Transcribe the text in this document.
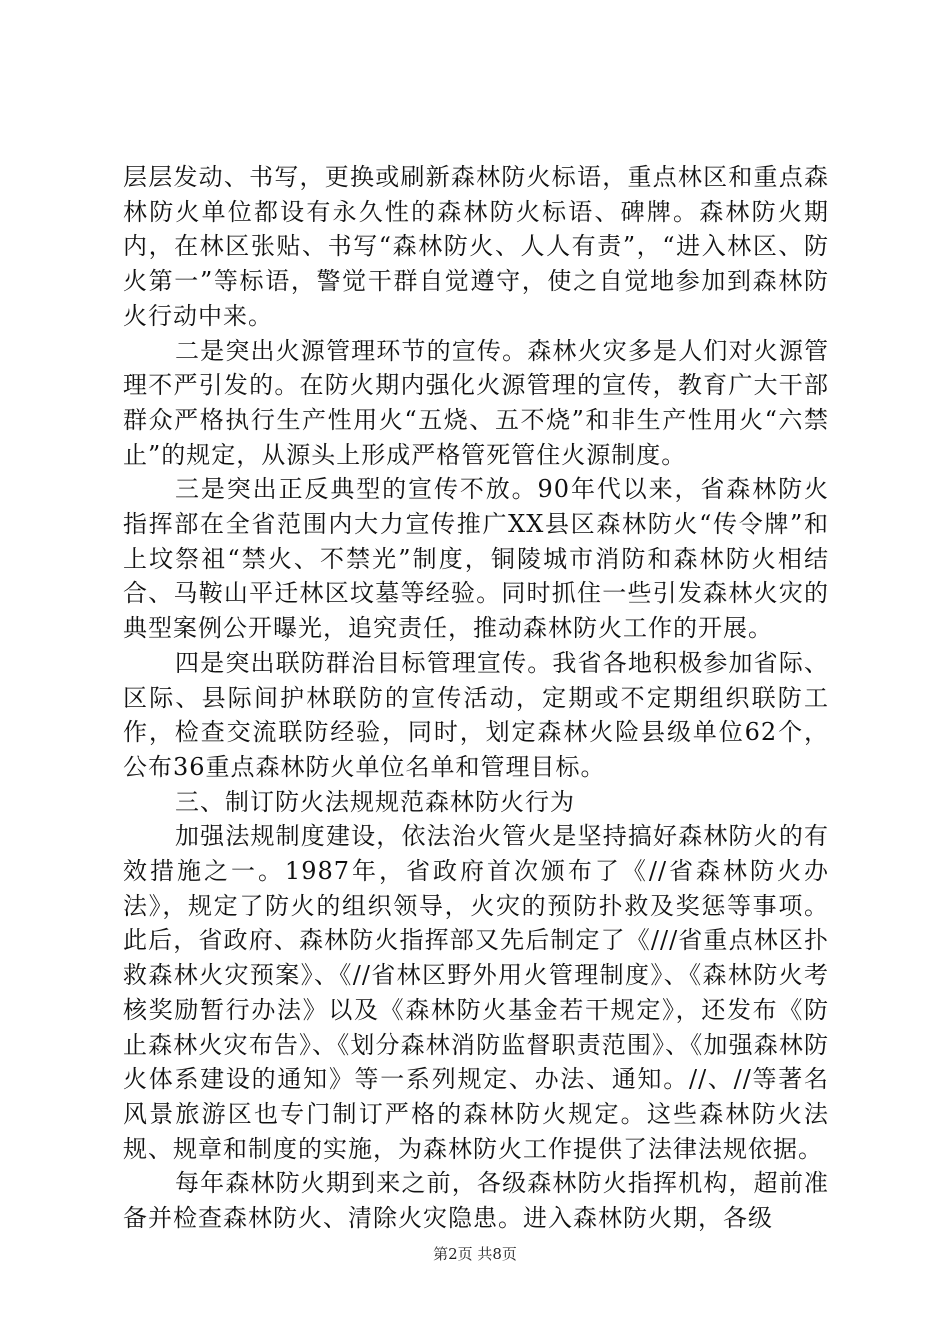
层层发动、书写，更换或刷新森林防火标语，重点林区和重点森林防火单位都设有永久性的森林防火标语、碑牌。森林防火期内，在林区张贴、书写“森林防火、人人有责”，“进入林区、防火第一”等标语，警觉干群自觉遵守，使之自觉地参加到森林防火行动中来。

二是突出火源管理环节的宣传。森林火灾多是人们对火源管理不严引发的。在防火期内强化火源管理的宣传，教育广大干部群众严格执行生产性用火“五烧、五不烧”和非生产性用火“六禁止”的规定，从源头上形成严格管死管住火源制度。

三是突出正反典型的宣传不放。90年代以来，省森林防火指挥部在全省范围内大力宣传推广XX县区森林防火“传令牌”和上坟祭祖“禁火、不禁光”制度，铜陵城市消防和森林防火相结合、马鞍山平迁林区坟墓等经验。同时抓住一些引发森林火灾的典型案例公开曝光，追究责任，推动森林防火工作的开展。

四是突出联防群治目标管理宣传。我省各地积极参加省际、区际、县际间护林联防的宣传活动，定期或不定期组织联防工作，检查交流联防经验，同时，划定森林火险县级单位62个，公布36重点森林防火单位名单和管理目标。

三、制订防火法规规范森林防火行为

加强法规制度建设，依法治火管火是坚持搞好森林防火的有效措施之一。1987年，省政府首次颁布了《//省森林防火办法》，规定了防火的组织领导，火灾的预防扑救及奖惩等事项。此后，省政府、森林防火指挥部又先后制定了《///省重点林区扑救森林火灾预案》、《//省林区野外用火管理制度》、《森林防火考核奖励暂行办法》以及《森林防火基金若干规定》，还发布《防止森林火灾布告》、《划分森林消防监督职责范围》、《加强森林防火体系建设的通知》等一系列规定、办法、通知。//、//等著名风景旅游区也专门制订严格的森林防火规定。这些森林防火法规、规章和制度的实施，为森林防火工作提供了法律法规依据。

每年森林防火期到来之前，各级森林防火指挥机构，超前准备并检查森林防火、清除火灾隐患。进入森林防火期，各级

第2页 共8页
